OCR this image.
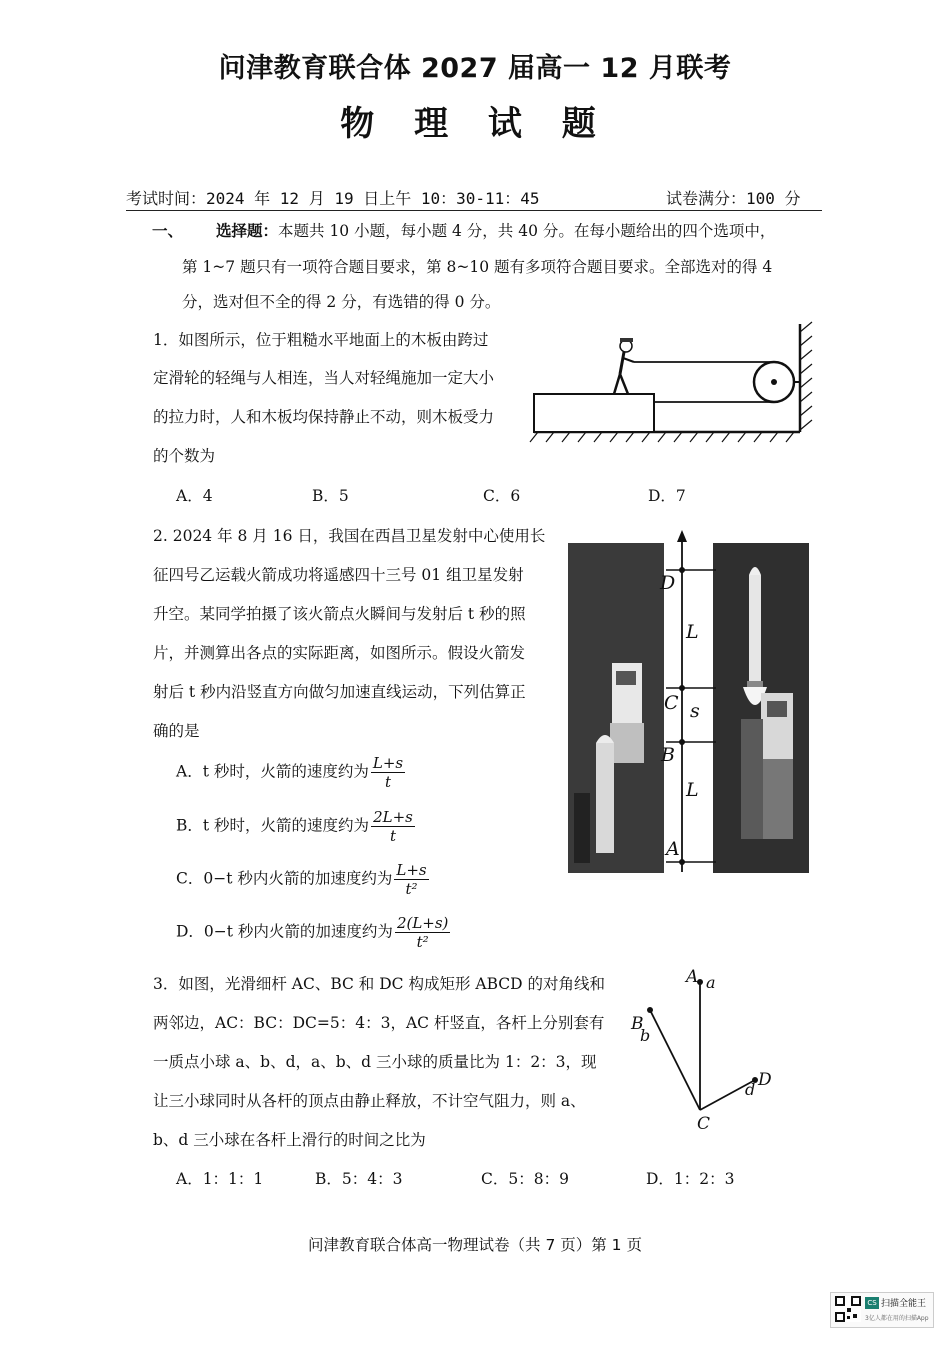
问津教育联合体 2027 届高一 12 月联考
物 理 试 题
考试时间：2024 年 12 月 19 日上午 10：30-11：45	试卷满分：100 分
一、 选择题：本题共 10 小题，每小题 4 分，共 40 分。在每小题给出的四个选项中，
第 1~7 题只有一项符合题目要求，第 8~10 题有多项符合题目要求。全部选对的得 4
分，选对但不全的得 2 分，有选错的得 0 分。
1．如图所示，位于粗糙水平地面上的木板由跨过
定滑轮的轻绳与人相连，当人对轻绳施加一定大小
的拉力时，人和木板均保持静止不动，则木板受力
的个数为
A．4	B．5	C．6	D．7
2. 2024 年 8 月 16 日，我国在西昌卫星发射中心使用长
征四号乙运载火箭成功将遥感四十三号 01 组卫星发射
升空。某同学拍摄了该火箭点火瞬间与发射后 t 秒的照
片，并测算出各点的实际距离，如图所示。假设火箭发
射后 t 秒内沿竖直方向做匀加速直线运动，下列估算正
确的是
A．t 秒时，火箭的速度约为 $\frac{L+s}{t}$
B．t 秒时，火箭的速度约为 $\frac{2L+s}{t}$
C．0−t 秒内火箭的加速度约为 $\frac{L+s}{\text{t²}}$
D．0−t 秒内火箭的加速度约为 $\frac{2(L+s)}{\text{t²}}$
D
L
C s
B
L
A
3．如图，光滑细杆 AC、BC 和 DC 构成矩形 ABCD 的对角线和
两邻边，AC：BC：DC=5：4：3，AC 杆竖直，各杆上分别套有
一质点小球 a、b、d，a、b、d 三小球的质量比为 1：2：3，现
让三小球同时从各杆的顶点由静止释放，不计空气阻力，则 a、
b、d 三小球在各杆上滑行的时间之比为
A．1：1：1	B．5：4：3	C．5：8：9	D．1：2：3
A a
B
b
D
d
C
问津教育联合体高一物理试卷（共 7 页）第 1 页
CS 扫描全能王
3亿人都在用的扫描App
